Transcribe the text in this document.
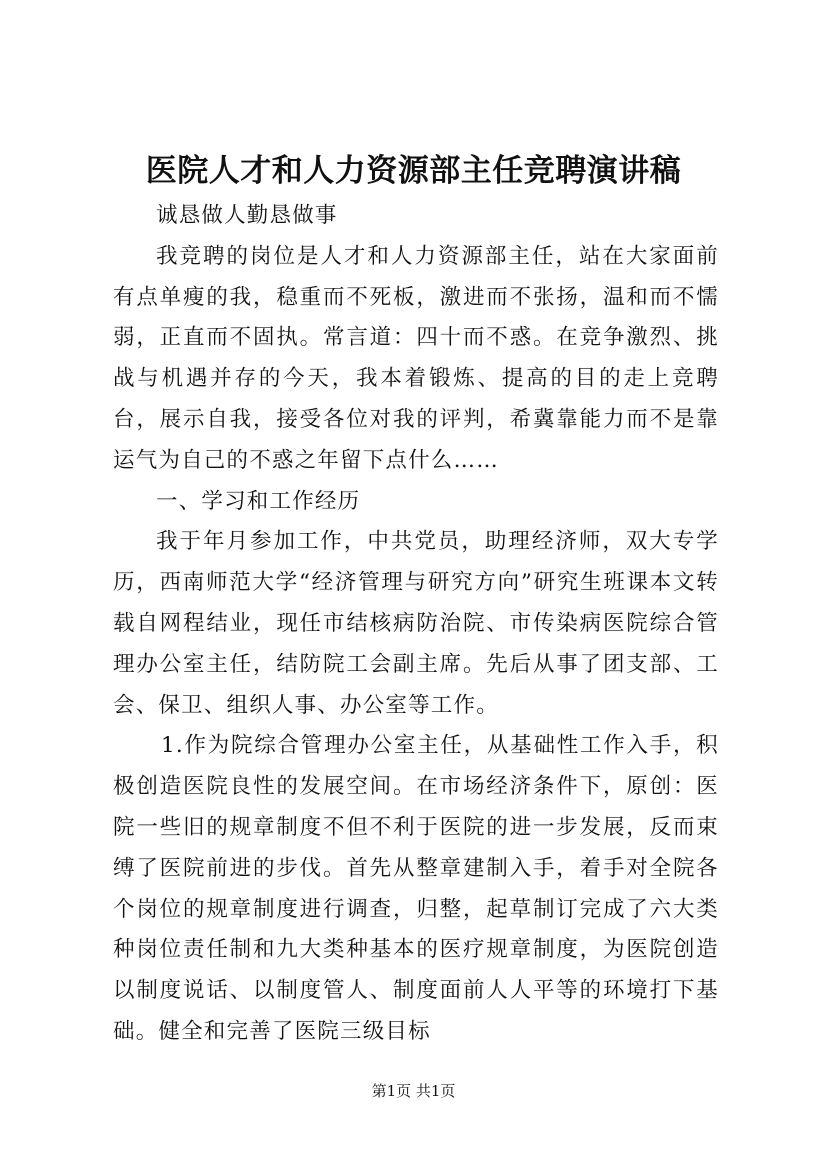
医院人才和人力资源部主任竞聘演讲稿

诚恳做人勤恳做事

我竞聘的岗位是人才和人力资源部主任，站在大家面前有点单瘦的我，稳重而不死板，激进而不张扬，温和而不懦弱，正直而不固执。常言道：四十而不惑。在竞争激烈、挑战与机遇并存的今天，我本着锻炼、提高的目的走上竞聘台，展示自我，接受各位对我的评判，希冀靠能力而不是靠运气为自己的不惑之年留下点什么……

一、学习和工作经历

我于年月参加工作，中共党员，助理经济师，双大专学历，西南师范大学“经济管理与研究方向”研究生班课本文转载自网程结业，现任市结核病防治院、市传染病医院综合管理办公室主任，结防院工会副主席。先后从事了团支部、工会、保卫、组织人事、办公室等工作。

1.作为院综合管理办公室主任，从基础性工作入手，积极创造医院良性的发展空间。在市场经济条件下，原创：医院一些旧的规章制度不但不利于医院的进一步发展，反而束缚了医院前进的步伐。首先从整章建制入手，着手对全院各个岗位的规章制度进行调查，归整，起草制订完成了六大类种岗位责任制和九大类种基本的医疗规章制度，为医院创造以制度说话、以制度管人、制度面前人人平等的环境打下基础。健全和完善了医院三级目标

第1页 共1页
